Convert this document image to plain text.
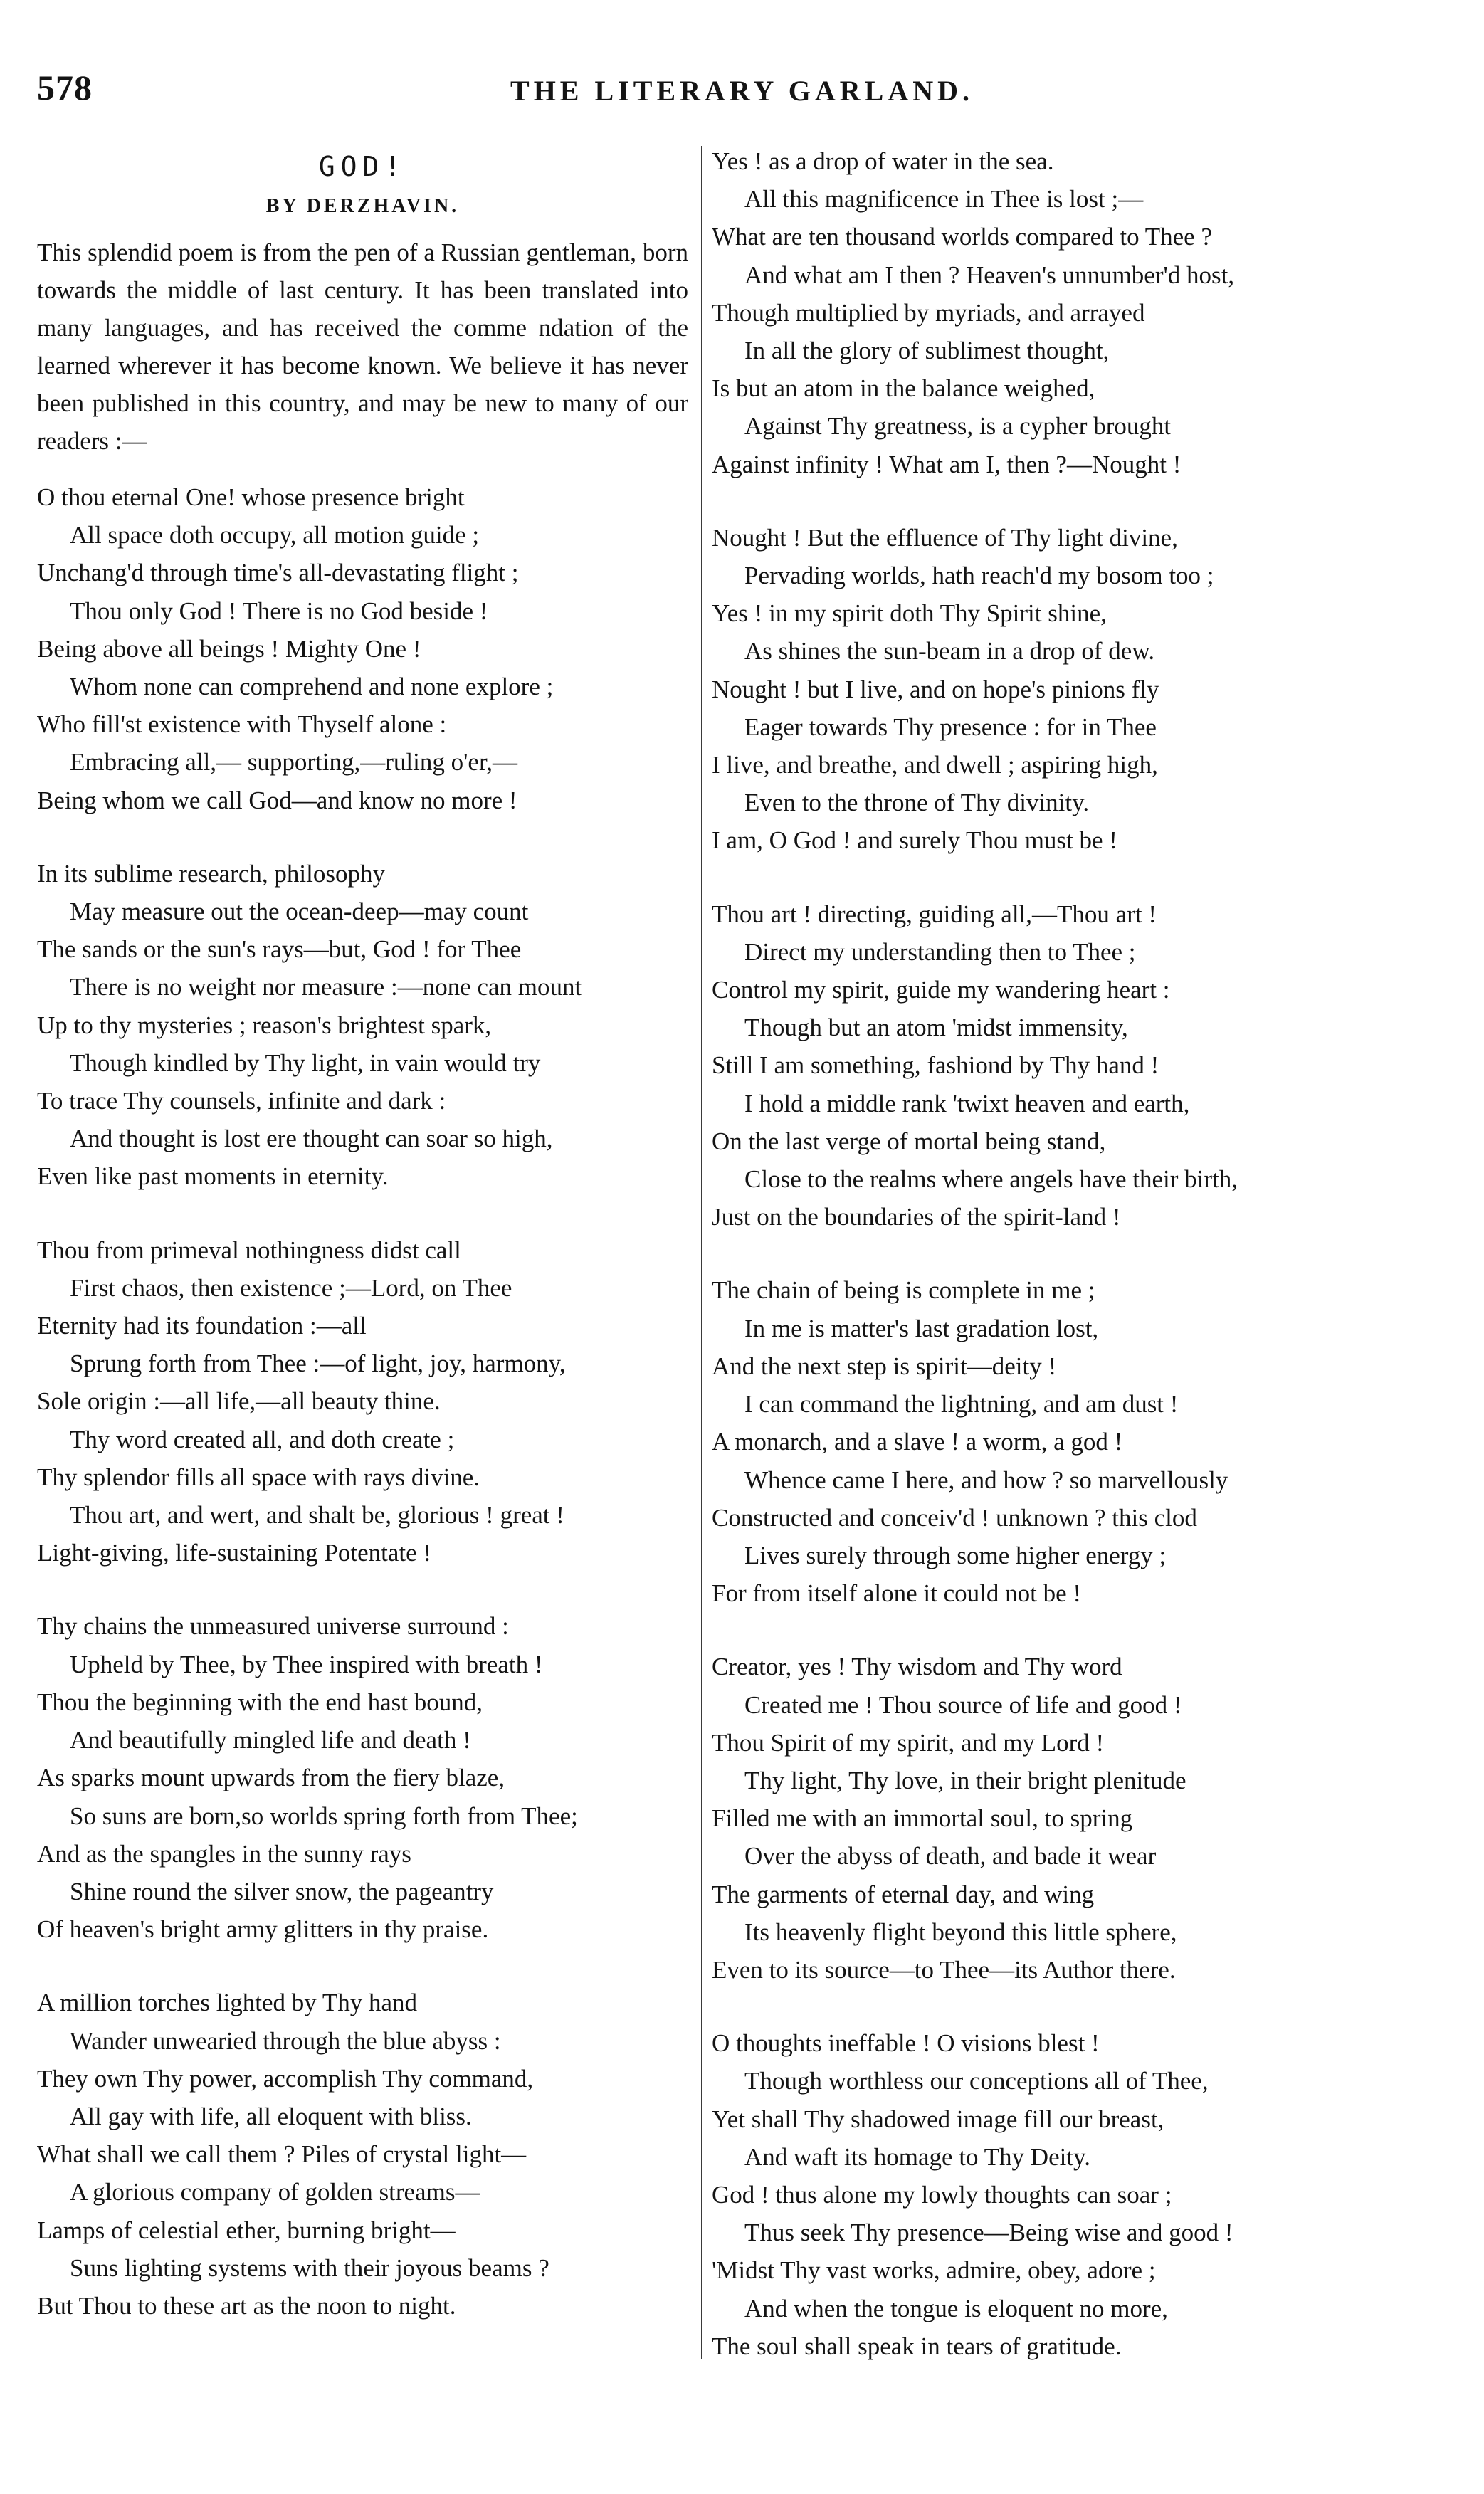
578	THE LITERARY GARLAND.
GOD!
BY DERZHAVIN.

This splendid poem is from the pen of a Russian gentleman, born towards the middle of last century. It has been translated into many languages, and has received the comme ndation of the learned wherever it has become known. We believe it has never been published in this country, and may be new to many of our readers :—

O thou eternal One! whose presence bright
All space doth occupy, all motion guide ;
Unchang'd through time's all-devastating flight ;
Thou only God ! There is no God beside !
Being above all beings ! Mighty One !
Whom none can comprehend and none explore ;
Who fill'st existence with Thyself alone :
Embracing all,— supporting,—ruling o'er,—
Being whom we call God—and know no more !
In its sublime research, philosophy
May measure out the ocean-deep—may count
The sands or the sun's rays—but, God ! for Thee
There is no weight nor measure :—none can mount
Up to thy mysteries ; reason's brightest spark,
Though kindled by Thy light, in vain would try
To trace Thy counsels, infinite and dark :
And thought is lost ere thought can soar so high,
Even like past moments in eternity.
Thou from primeval nothingness didst call
First chaos, then existence ;—Lord, on Thee
Eternity had its foundation :—all
Sprung forth from Thee :—of light, joy, harmony,
Sole origin :—all life,—all beauty thine.
Thy word created all, and doth create ;
Thy splendor fills all space with rays divine.
Thou art, and wert, and shalt be, glorious ! great !
Light-giving, life-sustaining Potentate !
Thy chains the unmeasured universe surround :
Upheld by Thee, by Thee inspired with breath !
Thou the beginning with the end hast bound,
And beautifully mingled life and death !
As sparks mount upwards from the fiery blaze,
So suns are born,so worlds spring forth from Thee;
And as the spangles in the sunny rays
Shine round the silver snow, the pageantry
Of heaven's bright army glitters in thy praise.
A million torches lighted by Thy hand
Wander unwearied through the blue abyss :
They own Thy power, accomplish Thy command,
All gay with life, all eloquent with bliss.
What shall we call them ? Piles of crystal light—
A glorious company of golden streams—
Lamps of celestial ether, burning bright—
Suns lighting systems with their joyous beams ?
But Thou to these art as the noon to night.
Yes ! as a drop of water in the sea.
All this magnificence in Thee is lost ;—
What are ten thousand worlds compared to Thee ?
And what am I then ? Heaven's unnumber'd host,
Though multiplied by myriads, and arrayed
In all the glory of sublimest thought,
Is but an atom in the balance weighed,
Against Thy greatness, is a cypher brought
Against infinity ! What am I, then ?—Nought !
Nought ! But the effluence of Thy light divine,
Pervading worlds, hath reach'd my bosom too ;
Yes ! in my spirit doth Thy Spirit shine,
As shines the sun-beam in a drop of dew.
Nought ! but I live, and on hope's pinions fly
Eager towards Thy presence : for in Thee
I live, and breathe, and dwell ; aspiring high,
Even to the throne of Thy divinity.
I am, O God ! and surely Thou must be !
Thou art ! directing, guiding all,—Thou art !
Direct my understanding then to Thee ;
Control my spirit, guide my wandering heart :
Though but an atom 'midst immensity,
Still I am something, fashiond by Thy hand !
I hold a middle rank 'twixt heaven and earth,
On the last verge of mortal being stand,
Close to the realms where angels have their birth,
Just on the boundaries of the spirit-land !
The chain of being is complete in me ;
In me is matter's last gradation lost,
And the next step is spirit—deity !
I can command the lightning, and am dust !
A monarch, and a slave ! a worm, a god !
Whence came I here, and how ? so marvellously
Constructed and conceiv'd ! unknown ? this clod
Lives surely through some higher energy ;
For from itself alone it could not be !
Creator, yes ! Thy wisdom and Thy word
Created me ! Thou source of life and good !
Thou Spirit of my spirit, and my Lord !
Thy light, Thy love, in their bright plenitude
Filled me with an immortal soul, to spring
Over the abyss of death, and bade it wear
The garments of eternal day, and wing
Its heavenly flight beyond this little sphere,
Even to its source—to Thee—its Author there.
O thoughts ineffable ! O visions blest !
Though worthless our conceptions all of Thee,
Yet shall Thy shadowed image fill our breast,
And waft its homage to Thy Deity.
God ! thus alone my lowly thoughts can soar ;
Thus seek Thy presence—Being wise and good !
'Midst Thy vast works, admire, obey, adore ;
And when the tongue is eloquent no more,
The soul shall speak in tears of gratitude.
